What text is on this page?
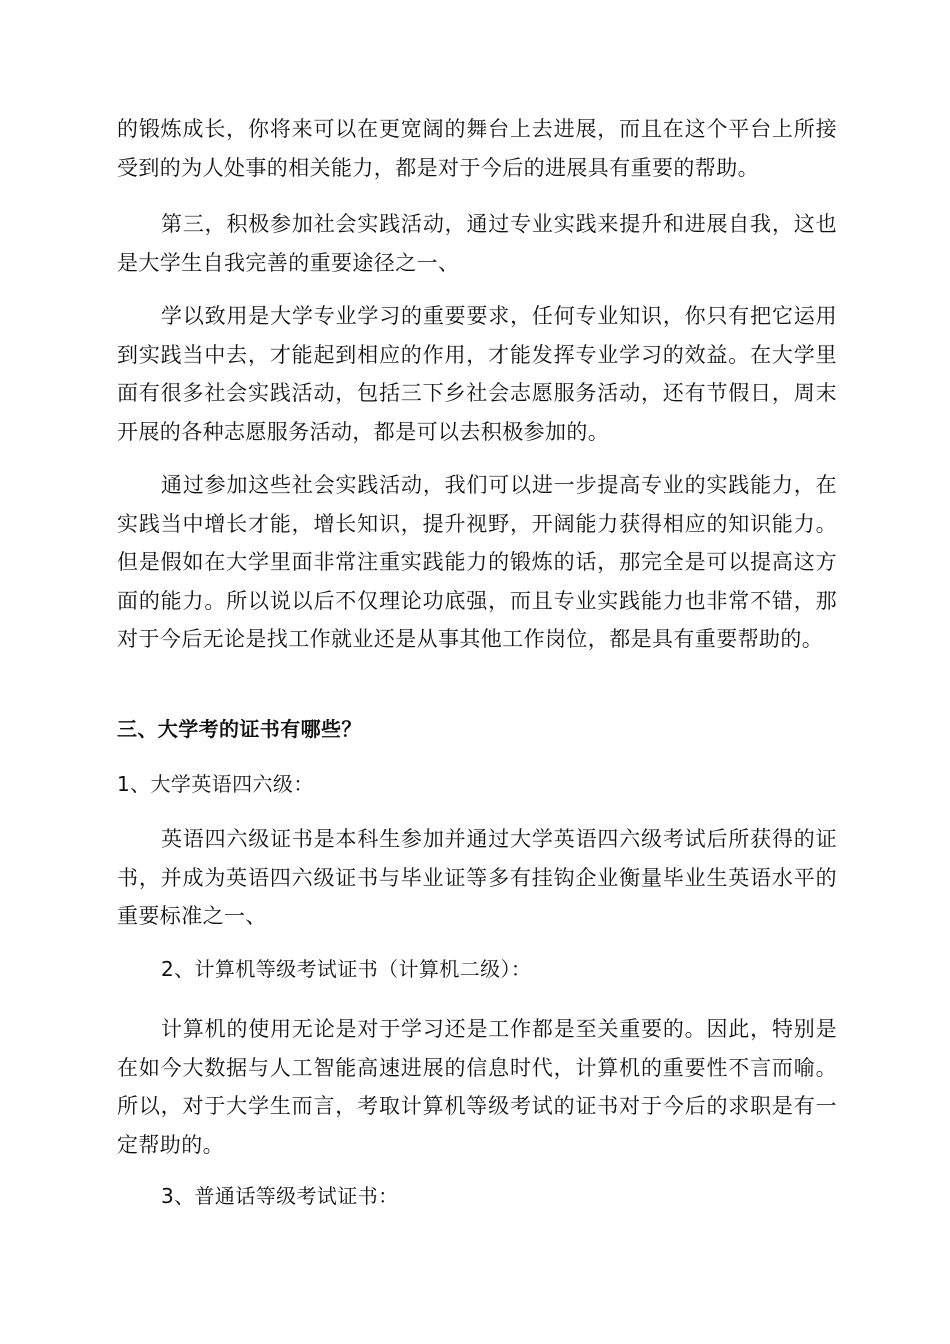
的锻炼成长，你将来可以在更宽阔的舞台上去进展，而且在这个平台上所接受到的为人处事的相关能力，都是对于今后的进展具有重要的帮助。

第三，积极参加社会实践活动，通过专业实践来提升和进展自我，这也是大学生自我完善的重要途径之一、

学以致用是大学专业学习的重要要求，任何专业知识，你只有把它运用到实践当中去，才能起到相应的作用，才能发挥专业学习的效益。在大学里面有很多社会实践活动，包括三下乡社会志愿服务活动，还有节假日，周末开展的各种志愿服务活动，都是可以去积极参加的。

通过参加这些社会实践活动，我们可以进一步提高专业的实践能力，在实践当中增长才能，增长知识，提升视野，开阔能力获得相应的知识能力。但是假如在大学里面非常注重实践能力的锻炼的话，那完全是可以提高这方面的能力。所以说以后不仅理论功底强，而且专业实践能力也非常不错，那对于今后无论是找工作就业还是从事其他工作岗位，都是具有重要帮助的。

三、大学考的证书有哪些？

1、大学英语四六级：

英语四六级证书是本科生参加并通过大学英语四六级考试后所获得的证书，并成为英语四六级证书与毕业证等多有挂钩企业衡量毕业生英语水平的重要标准之一、

2、计算机等级考试证书（计算机二级）：

计算机的使用无论是对于学习还是工作都是至关重要的。因此，特别是在如今大数据与人工智能高速进展的信息时代，计算机的重要性不言而喻。所以，对于大学生而言，考取计算机等级考试的证书对于今后的求职是有一定帮助的。

3、普通话等级考试证书：
